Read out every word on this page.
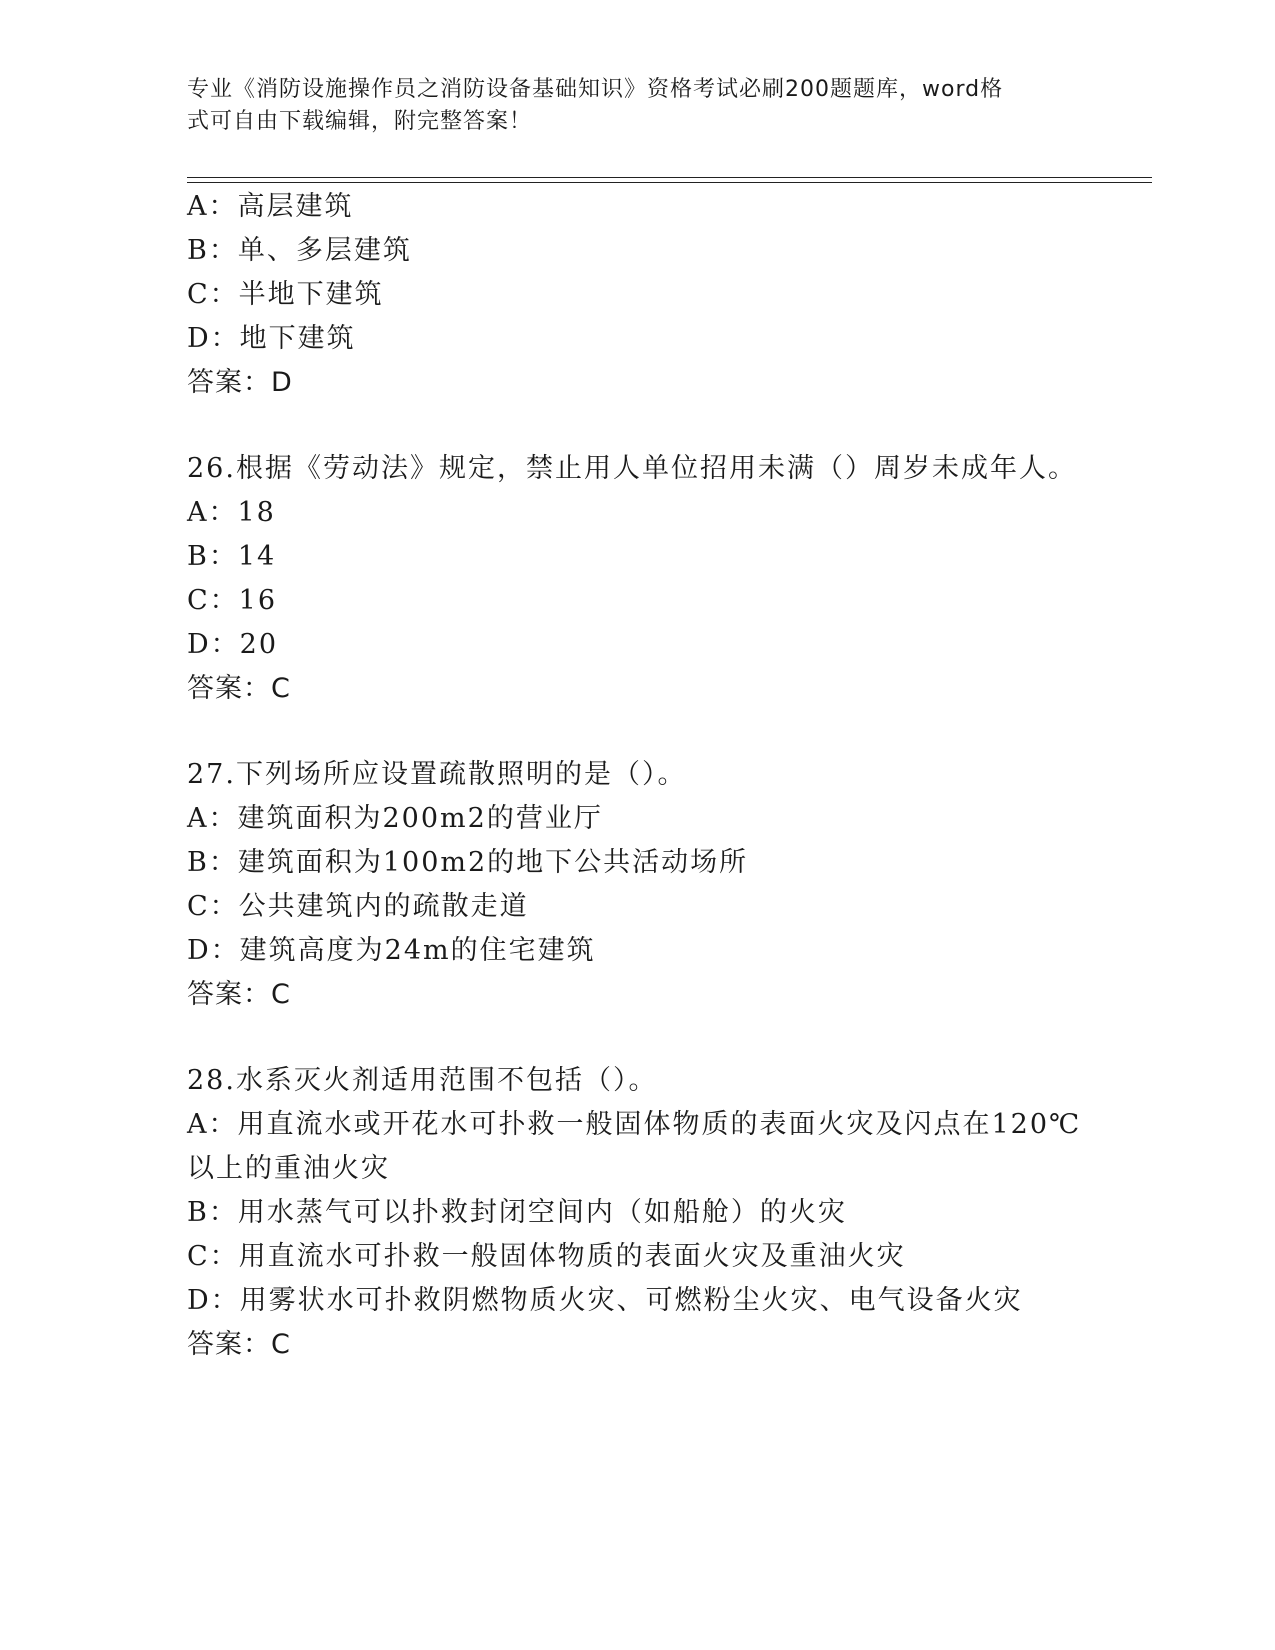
专业《消防设施操作员之消防设备基础知识》资格考试必刷200题题库，word格
式可自由下载编辑，附完整答案！
A：高层建筑
B：单、多层建筑
C：半地下建筑
D：地下建筑
答案：D
26.根据《劳动法》规定，禁止用人单位招用未满（）周岁未成年人。
A：18
B：14
C：16
D：20
答案：C
27.下列场所应设置疏散照明的是（）。
A：建筑面积为200m2的营业厅
B：建筑面积为100m2的地下公共活动场所
C：公共建筑内的疏散走道
D：建筑高度为24m的住宅建筑
答案：C
28.水系灭火剂适用范围不包括（）。
A：用直流水或开花水可扑救一般固体物质的表面火灾及闪点在120℃
以上的重油火灾
B：用水蒸气可以扑救封闭空间内（如船舱）的火灾
C：用直流水可扑救一般固体物质的表面火灾及重油火灾
D：用雾状水可扑救阴燃物质火灾、可燃粉尘火灾、电气设备火灾
答案：C
